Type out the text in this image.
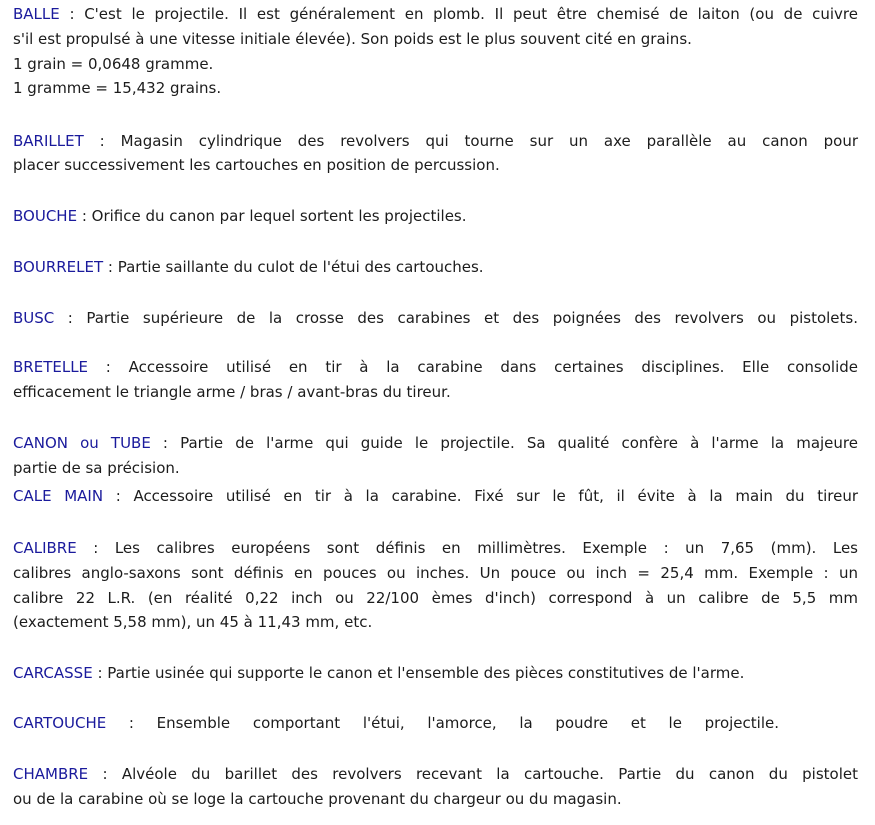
BALLE : C'est le projectile. Il est généralement en plomb. Il peut être chemisé de laiton (ou de cuivre
s'il est propulsé à une vitesse initiale élevée). Son poids est le plus souvent cité en grains.
1 grain = 0,0648 gramme.
1 gramme = 15,432 grains.
BARILLET : Magasin cylindrique des revolvers qui tourne sur un axe parallèle au canon pour
placer successivement les cartouches en position de percussion.
BOUCHE : Orifice du canon par lequel sortent les projectiles.
BOURRELET : Partie saillante du culot de l'étui des cartouches.
BUSC : Partie supérieure de la crosse des carabines et des poignées des revolvers ou pistolets.
BRETELLE : Accessoire utilisé en tir à la carabine dans certaines disciplines. Elle consolide
efficacement le triangle arme / bras / avant-bras du tireur.
CANON ou TUBE : Partie de l'arme qui guide le projectile. Sa qualité confère à l'arme la majeure
partie de sa précision.
CALE MAIN : Accessoire utilisé en tir à la carabine. Fixé sur le fût, il évite à la main du tireur
CALIBRE : Les calibres européens sont définis en millimètres. Exemple : un 7,65 (mm). Les
calibres anglo-saxons sont définis en pouces ou inches. Un pouce ou inch = 25,4 mm. Exemple : un
calibre 22 L.R. (en réalité 0,22 inch ou 22/100 èmes d'inch) correspond à un calibre de 5,5 mm
(exactement 5,58 mm), un 45 à 11,43 mm, etc.
CARCASSE : Partie usinée qui supporte le canon et l'ensemble des pièces constitutives de l'arme.
CARTOUCHE : Ensemble comportant l'étui, l'amorce, la poudre et le projectile.
CHAMBRE : Alvéole du barillet des revolvers recevant la cartouche. Partie du canon du pistolet
ou de la carabine où se loge la cartouche provenant du chargeur ou du magasin.
